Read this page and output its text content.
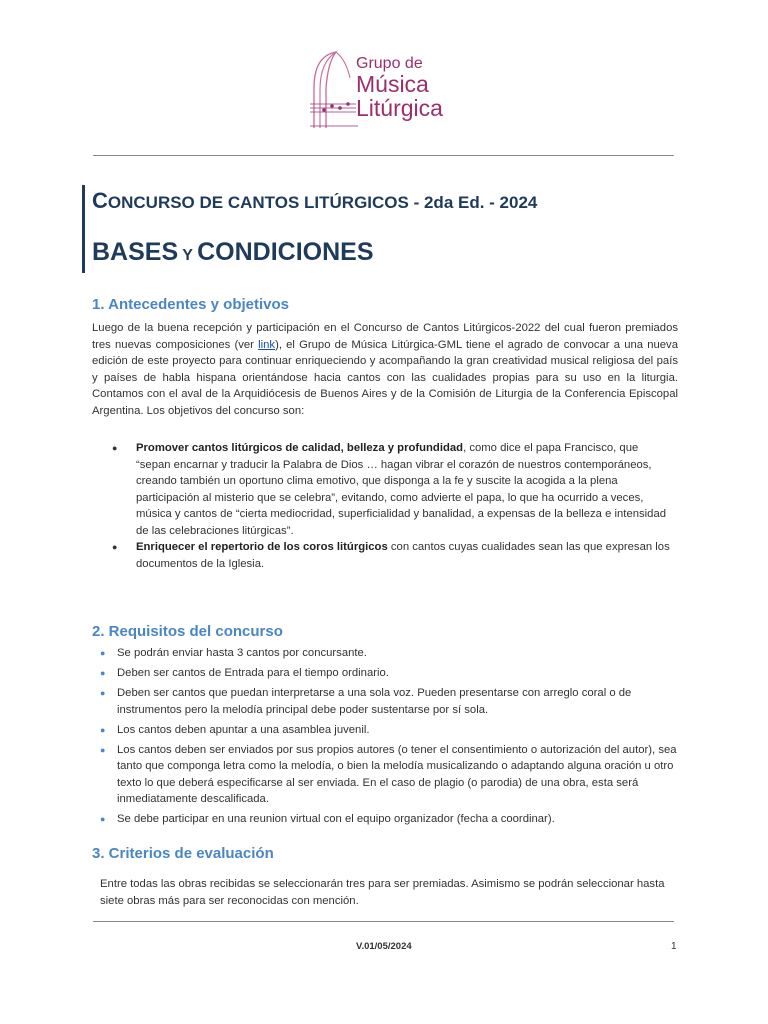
Grupo de
Música
Litúrgica
CONCURSO DE CANTOS LITÚRGICOS - 2da Ed. - 2024
BASES Y CONDICIONES
1. Antecedentes y objetivos
Luego de la buena recepción y participación en el Concurso de Cantos Litúrgicos-2022 del cual fueron premiados tres nuevas composiciones (ver link), el Grupo de Música Litúrgica-GML tiene el agrado de convocar a una nueva edición de este proyecto para continuar enriqueciendo y acompañando la gran creatividad musical religiosa del país y países de habla hispana orientándose hacia cantos con las cualidades propias para su uso en la liturgia. Contamos con el aval de la Arquidiócesis de Buenos Aires y de la Comisión de Liturgia de la Conferencia Episcopal Argentina. Los objetivos del concurso son:
● Promover cantos litúrgicos de calidad, belleza y profundidad, como dice el papa Francisco, que “sepan encarnar y traducir la Palabra de Dios … hagan vibrar el corazón de nuestros contemporáneos, creando también un oportuno clima emotivo, que disponga a la fe y suscite la acogida a la plena participación al misterio que se celebra”, evitando, como advierte el papa, lo que ha ocurrido a veces, música y cantos de “cierta mediocridad, superficialidad y banalidad, a expensas de la belleza e intensidad de las celebraciones litúrgicas”.
● Enriquecer el repertorio de los coros litúrgicos con cantos cuyas cualidades sean las que expresan los documentos de la Iglesia.
2. Requisitos del concurso
● Se podrán enviar hasta 3 cantos por concursante.
● Deben ser cantos de Entrada para el tiempo ordinario.
● Deben ser cantos que puedan interpretarse a una sola voz. Pueden presentarse con arreglo coral o de instrumentos pero la melodía principal debe poder sustentarse por sí sola.
● Los cantos deben apuntar a una asamblea juvenil.
● Los cantos deben ser enviados por sus propios autores (o tener el consentimiento o autorización del autor), sea tanto que componga letra como la melodía, o bien la melodía musicalizando o adaptando alguna oración u otro texto lo que deberá especificarse al ser enviada. En el caso de plagio (o parodia) de una obra, esta será inmediatamente descalificada.
● Se debe participar en una reunion virtual con el equipo organizador (fecha a coordinar).
3. Criterios de evaluación
Entre todas las obras recibidas se seleccionarán tres para ser premiadas. Asimismo se podrán seleccionar hasta siete obras más para ser reconocidas con mención.
V.01/05/2024	1
